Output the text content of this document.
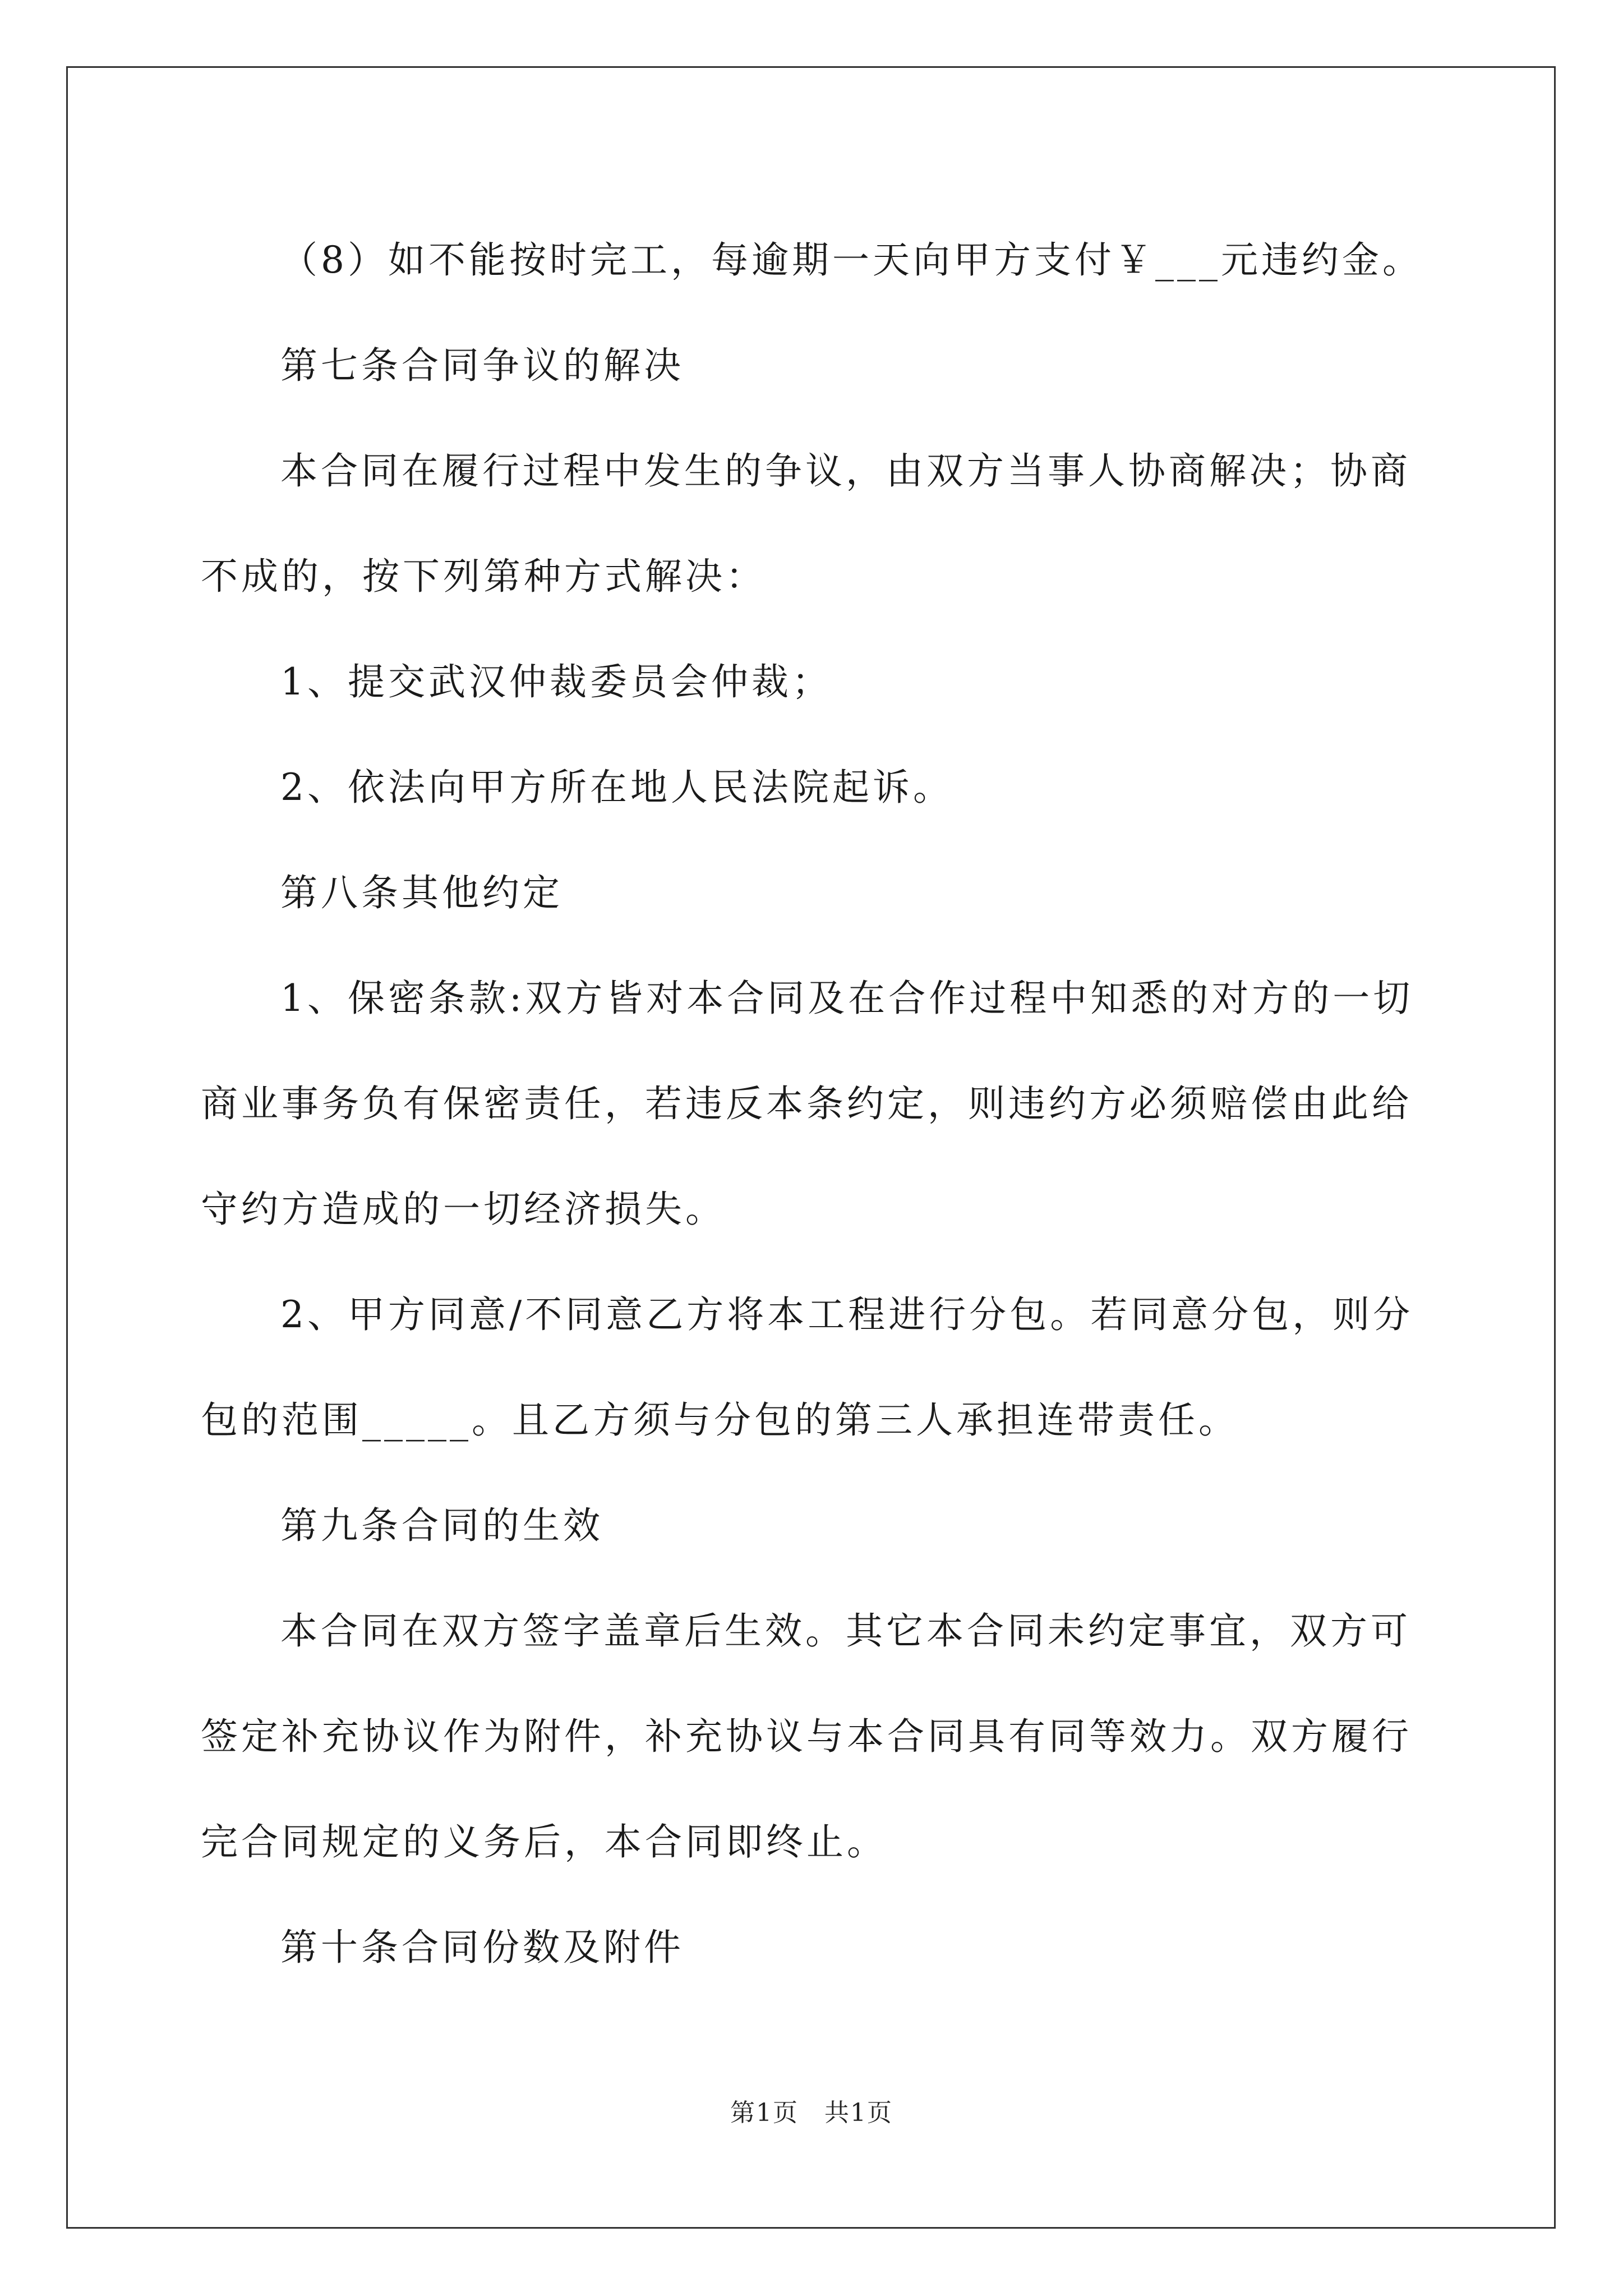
（8）如不能按时完工，每逾期一天向甲方支付￥___元违约金。

第七条合同争议的解决

本合同在履行过程中发生的争议，由双方当事人协商解决；协商不成的，按下列第种方式解决：

1、提交武汉仲裁委员会仲裁；

2、依法向甲方所在地人民法院起诉。

第八条其他约定

1、保密条款:双方皆对本合同及在合作过程中知悉的对方的一切商业事务负有保密责任，若违反本条约定，则违约方必须赔偿由此给守约方造成的一切经济损失。

2、甲方同意/不同意乙方将本工程进行分包。若同意分包，则分包的范围_____。且乙方须与分包的第三人承担连带责任。

第九条合同的生效

本合同在双方签字盖章后生效。其它本合同未约定事宜，双方可签定补充协议作为附件，补充协议与本合同具有同等效力。双方履行完合同规定的义务后，本合同即终止。

第十条合同份数及附件

第1页　共1页
